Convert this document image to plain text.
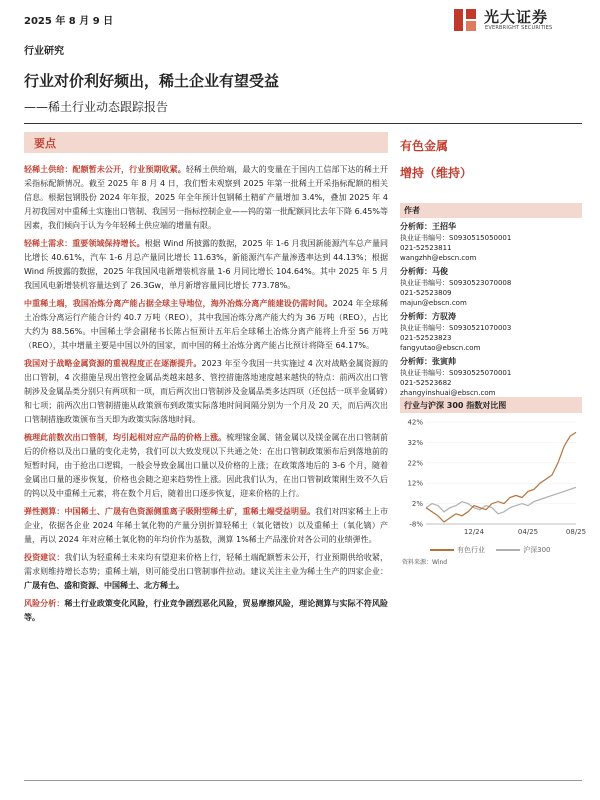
2025 年 8 月 9 日	光大证券
EVERBRIGHT SECURITIES
行业研究
行业对价利好频出，稀土企业有望受益
——稀土行业动态跟踪报告
要点

轻稀土供给：配额暂未公开，行业预期收紧。轻稀土供给端，最大的变量在于国内工信部下达的稀土开采指标配额情况。截至 2025 年 8 月 4 日，我们暂未观察到 2025 年第一批稀土开采指标配额的相关信息。根据包钢股份 2024 年年报，2025 年全年预计包钢稀土精矿产量增加 3.4%，叠加 2025 年 4 月初我国对中重稀土实施出口管制、我国另一指标控制企业——钨的第一批配额同比去年下降 6.45%等因素，我们倾向于认为今年轻稀土供应端的增量有限。

轻稀土需求：重要领域保持增长。根据 Wind 所披露的数据，2025 年 1-6 月我国新能源汽车总产量同比增长 40.61%，汽车 1-6 月总产量同比增长 11.63%，新能源汽车产量渗透率达到 44.13%；根据 Wind 所披露的数据，2025 年我国风电新增装机容量 1-6 月同比增长 104.64%。其中 2025 年 5 月我国风电新增装机容量达到了 26.3Gw，单月新增容量同比增长 773.78%。

中重稀土端，我国冶炼分离产能占据全球主导地位，海外冶炼分离产能建设仍需时间。2024 年全球稀土冶炼分离运行产能合计约 40.7 万吨（REO），其中我国冶炼分离产能大约为 36 万吨（REO），占比大约为 88.56%。中国稀土学会副秘书长陈占恒预计五年后全球稀土冶炼分离产能将上升至 56 万吨（REO），其中增量主要是中国以外的国家，而中国的稀土冶炼分离产能占比预计将降至 64.17%。

我国对于战略金属资源的重视程度正在逐渐提升。2023 年至今我国一共实施过 4 次对战略金属资源的出口管制，4 次措施呈现出管控金属品类越来越多、管控措施落地速度越来越快的特点：前两次出口管制涉及金属品类分别只有两项和一项，而后两次出口管制涉及金属品类多达四项（还包括一项半金属碲）和七项；前两次出口管制措施从政策颁布到政策实际落地时间间隔分别为一个月及 20 天，而后两次出口管制措施政策颁布当天即为政策实际落地时间。

梳理此前数次出口管制，均引起相对应产品的价格上涨。梳理镓金属、锗金属以及镁金属在出口管制前后的价格以及出口量的变化走势，我们可以大致发现以下共通之处：在出口管制政策颁布后到落地前的短暂时间，由于抢出口逻辑，一般会导致金属出口量以及价格的上涨；在政策落地后的 3-6 个月，随着金属出口量的逐步恢复，价格也会随之迎来趋势性上涨。因此我们认为，在出口管制政策刚生效不久后的钨以及中重稀土元素，将在数个月后，随着出口逐步恢复，迎来价格的上行。

弹性测算：中国稀土、广晟有色资源侧重离子吸附型稀土矿，重稀土端受益明显。我们对四家稀土上市企业，依据各企业 2024 年稀土氧化物的产量分别折算轻稀土（氧化镨钕）以及重稀土（氧化镝）产量，再以 2024 年对应稀土氧化物的年均价作为基数，测算 1%稀土产品涨价对各公司的业绩弹性。

投资建议：我们认为轻重稀土未来均有望迎来价格上行，轻稀土端配额暂未公开，行业预期供给收紧，需求则维持增长态势；重稀土端，则可能受出口管制事件拉动。建议关注主业为稀土生产的四家企业：广晟有色、盛和资源、中国稀土、北方稀土。

风险分析：稀土行业政策变化风险，行业竞争剧烈恶化风险，贸易摩擦风险，理论测算与实际不符风险等。

有色金属
增持（维持）
作者
分析师：王招华
执业证书编号：S0930515050001
021-52523811
wangzhh@ebscn.com
分析师：马俊
执业证书编号：S0930523070008
021-52523809
majun@ebscn.com
分析师：方驭涛
执业证书编号：S0930521070003
021-52523823
fangyutao@ebscn.com
分析师：张寅帅
执业证书编号：S0930525070001
021-52523682
zhangyinshuai@ebscn.com
行业与沪深 300 指数对比图
42%
32%
22%
12%
2%
-8%
12/24	04/25	08/25
有色行业	沪深300
资料来源：Wind
